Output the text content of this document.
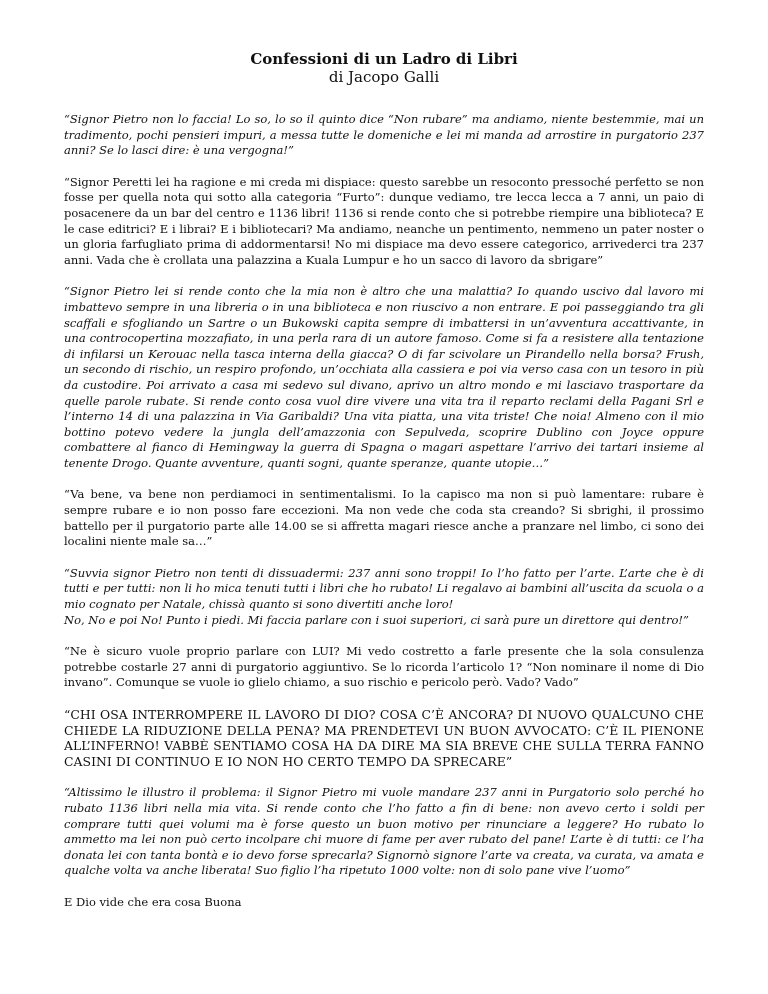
Confessioni di un Ladro di Libri

di Jacopo Galli

“Signor Pietro non lo faccia! Lo so, lo so il quinto dice “Non rubare” ma andiamo, niente bestemmie, mai un tradimento, pochi pensieri impuri, a messa tutte le domeniche e lei mi manda ad arrostire in purgatorio 237 anni? Se lo lasci dire: è una vergogna!”

“Signor Peretti lei ha ragione e mi creda mi dispiace: questo sarebbe un resoconto pressoché perfetto se non fosse per quella nota qui sotto alla categoria “Furto”: dunque vediamo, tre lecca lecca a 7 anni, un paio di posacenere da un bar del centro e 1136 libri! 1136 si rende conto che si potrebbe riempire una biblioteca? E le case editrici? E i librai? E i bibliotecari? Ma andiamo, neanche un pentimento, nemmeno un pater noster o un gloria farfugliato prima di addormentarsi! No mi dispiace ma devo essere categorico, arrivederci tra 237 anni. Vada che è crollata una palazzina a Kuala Lumpur e ho un sacco di lavoro da sbrigare”

“Signor Pietro lei si rende conto che la mia non è altro che una malattia? Io quando uscivo dal lavoro mi imbattevo sempre in una libreria o in una biblioteca e non riuscivo a non entrare. E poi passeggiando tra gli scaffali e sfogliando un Sartre o un Bukowski capita sempre di imbattersi in un’avventura accattivante, in una controcopertina mozzafiato, in una perla rara di un autore famoso. Come si fa a resistere alla tentazione di infilarsi un Kerouac nella tasca interna della giacca? O di far scivolare un Pirandello nella borsa? Frush, un secondo di rischio, un respiro profondo, un’occhiata alla cassiera e poi via verso casa con un tesoro in più da custodire. Poi arrivato a casa mi sedevo sul divano, aprivo un altro mondo e mi lasciavo trasportare da quelle parole rubate. Si rende conto cosa vuol dire vivere una vita tra il reparto reclami della Pagani Srl e l’interno 14 di una palazzina in Via Garibaldi? Una vita piatta, una vita triste! Che noia! Almeno con il mio bottino potevo vedere la jungla dell’amazzonia con Sepulveda, scoprire Dublino con Joyce oppure combattere al fianco di Hemingway la guerra di Spagna o magari aspettare l’arrivo dei tartari insieme al tenente Drogo. Quante avventure, quanti sogni, quante speranze, quante utopie…”

“Va bene, va bene non perdiamoci in sentimentalismi. Io la capisco ma non si può lamentare: rubare è sempre rubare e io non posso fare eccezioni. Ma non vede che coda sta creando? Si sbrighi, il prossimo battello per il purgatorio parte alle 14.00 se si affretta magari riesce anche a pranzare nel limbo, ci sono dei localini niente male sa…”

“Suvvia signor Pietro non tenti di dissuadermi: 237 anni sono troppi! Io l’ho fatto per l’arte. L’arte che è di tutti e per tutti: non li ho mica tenuti tutti i libri che ho rubato! Li regalavo ai bambini all’uscita da scuola o a mio cognato per Natale, chissà quanto si sono divertiti anche loro!
No, No e poi No! Punto i piedi. Mi faccia parlare con i suoi superiori, ci sarà pure un direttore qui dentro!”

“Ne è sicuro vuole proprio parlare con LUI? Mi vedo costretto a farle presente che la sola consulenza potrebbe costarle 27 anni di purgatorio aggiuntivo. Se lo ricorda l’articolo 1? “Non nominare il nome di Dio invano”. Comunque se vuole io glielo chiamo, a suo rischio e pericolo però. Vado? Vado”

“CHI OSA INTERROMPERE IL LAVORO DI DIO? COSA C’È ANCORA? DI NUOVO QUALCUNO CHE CHIEDE LA RIDUZIONE DELLA PENA? MA PRENDETEVI UN BUON AVVOCATO: C’È IL PIENONE ALL’INFERNO! VABBÈ SENTIAMO COSA HA DA DIRE MA SIA BREVE CHE SULLA TERRA FANNO CASINI DI CONTINUO E IO NON HO CERTO TEMPO DA SPRECARE”

“Altissimo le illustro il problema: il Signor Pietro mi vuole mandare 237 anni in Purgatorio solo perché ho rubato 1136 libri nella mia vita. Si rende conto che l’ho fatto a fin di bene: non avevo certo i soldi per comprare tutti quei volumi ma è forse questo un buon motivo per rinunciare a leggere? Ho rubato lo ammetto ma lei non può certo incolpare chi muore di fame per aver rubato del pane! L’arte è di tutti: ce l’ha donata lei con tanta bontà e io devo forse sprecarla? Signornò signore l’arte va creata, va curata, va amata e qualche volta va anche liberata! Suo figlio l’ha ripetuto 1000 volte: non di solo pane vive l’uomo”

E Dio vide che era cosa Buona
